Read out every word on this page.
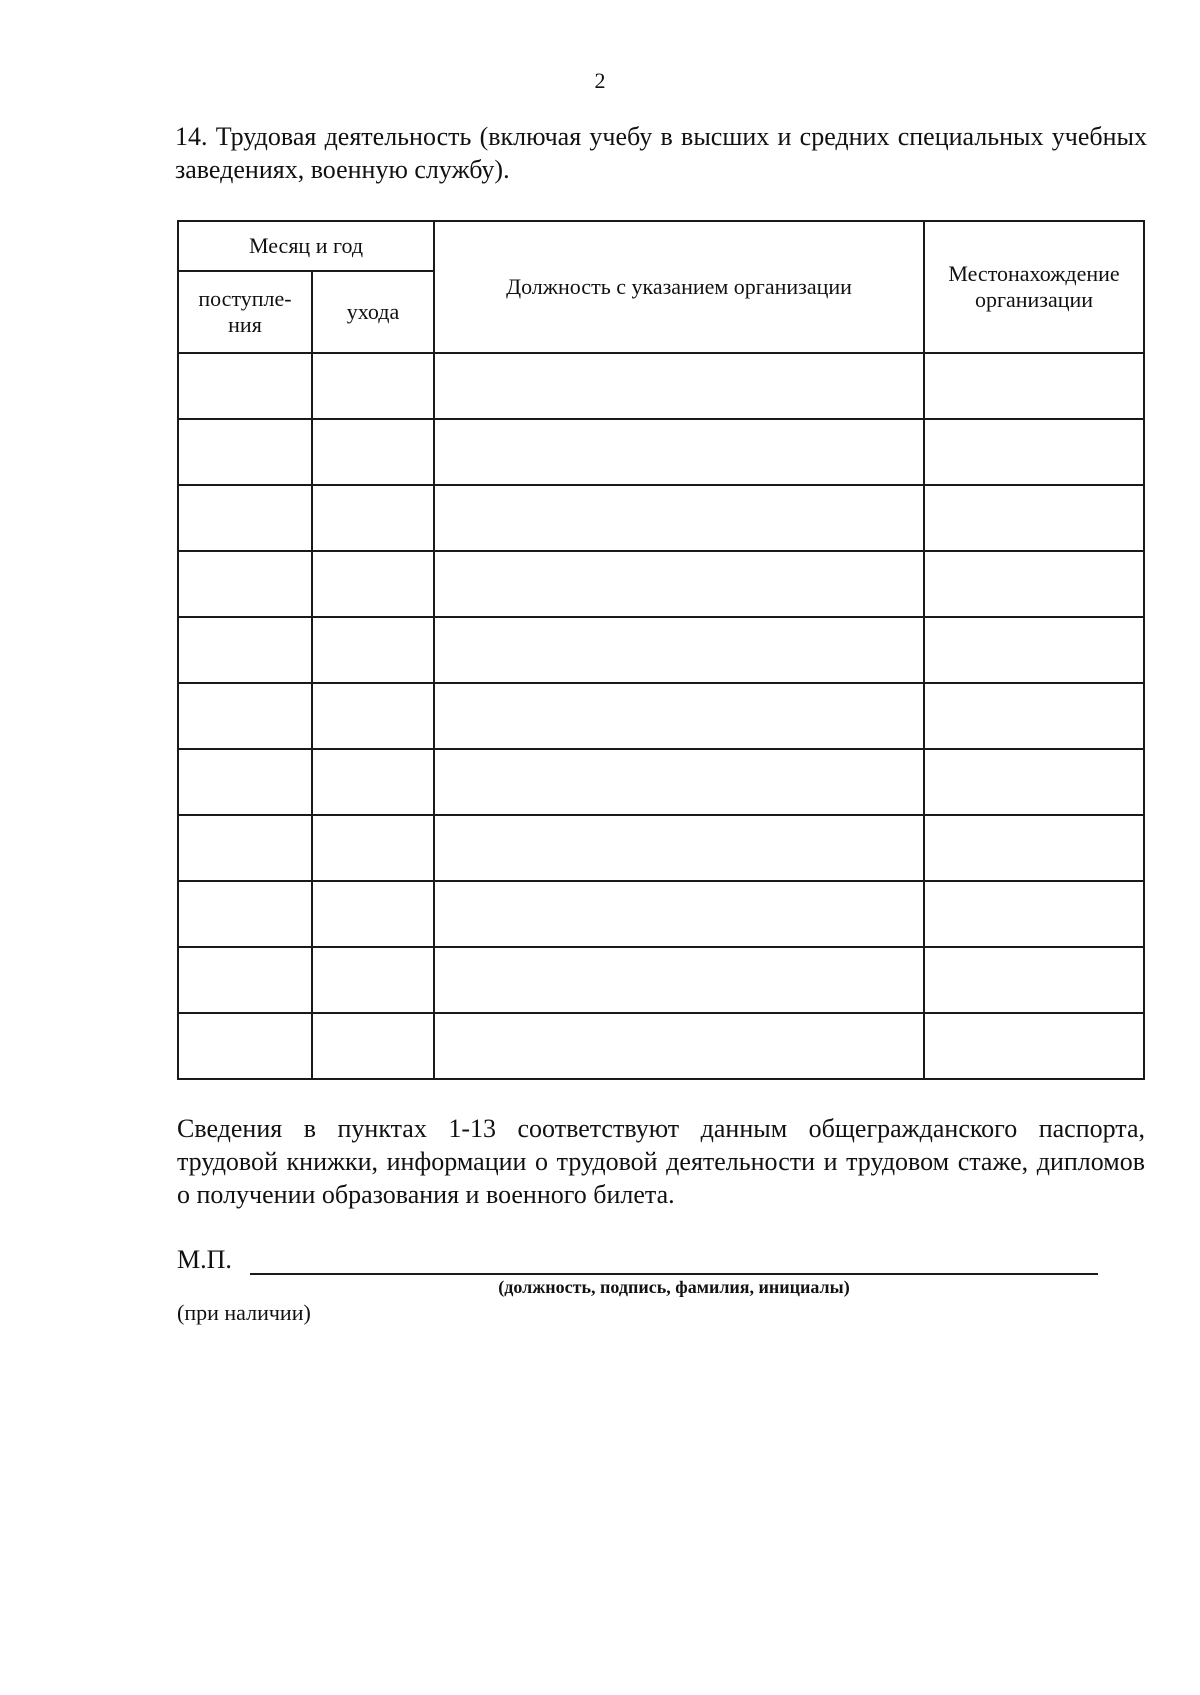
2
14. Трудовая деятельность (включая учебу в высших и средних специальных учебных заведениях, военную службу).
Месяц и год		Должность с указанием организации	Местонахождение организации
поступле-
ния	ухода		

Сведения в пунктах 1-13 соответствуют данным общегражданского паспорта, трудовой книжки, информации о трудовой деятельности и трудовом стаже, дипломов о получении образования и военного билета.
М.П.
(должность, подпись, фамилия, инициалы)
(при наличии)
